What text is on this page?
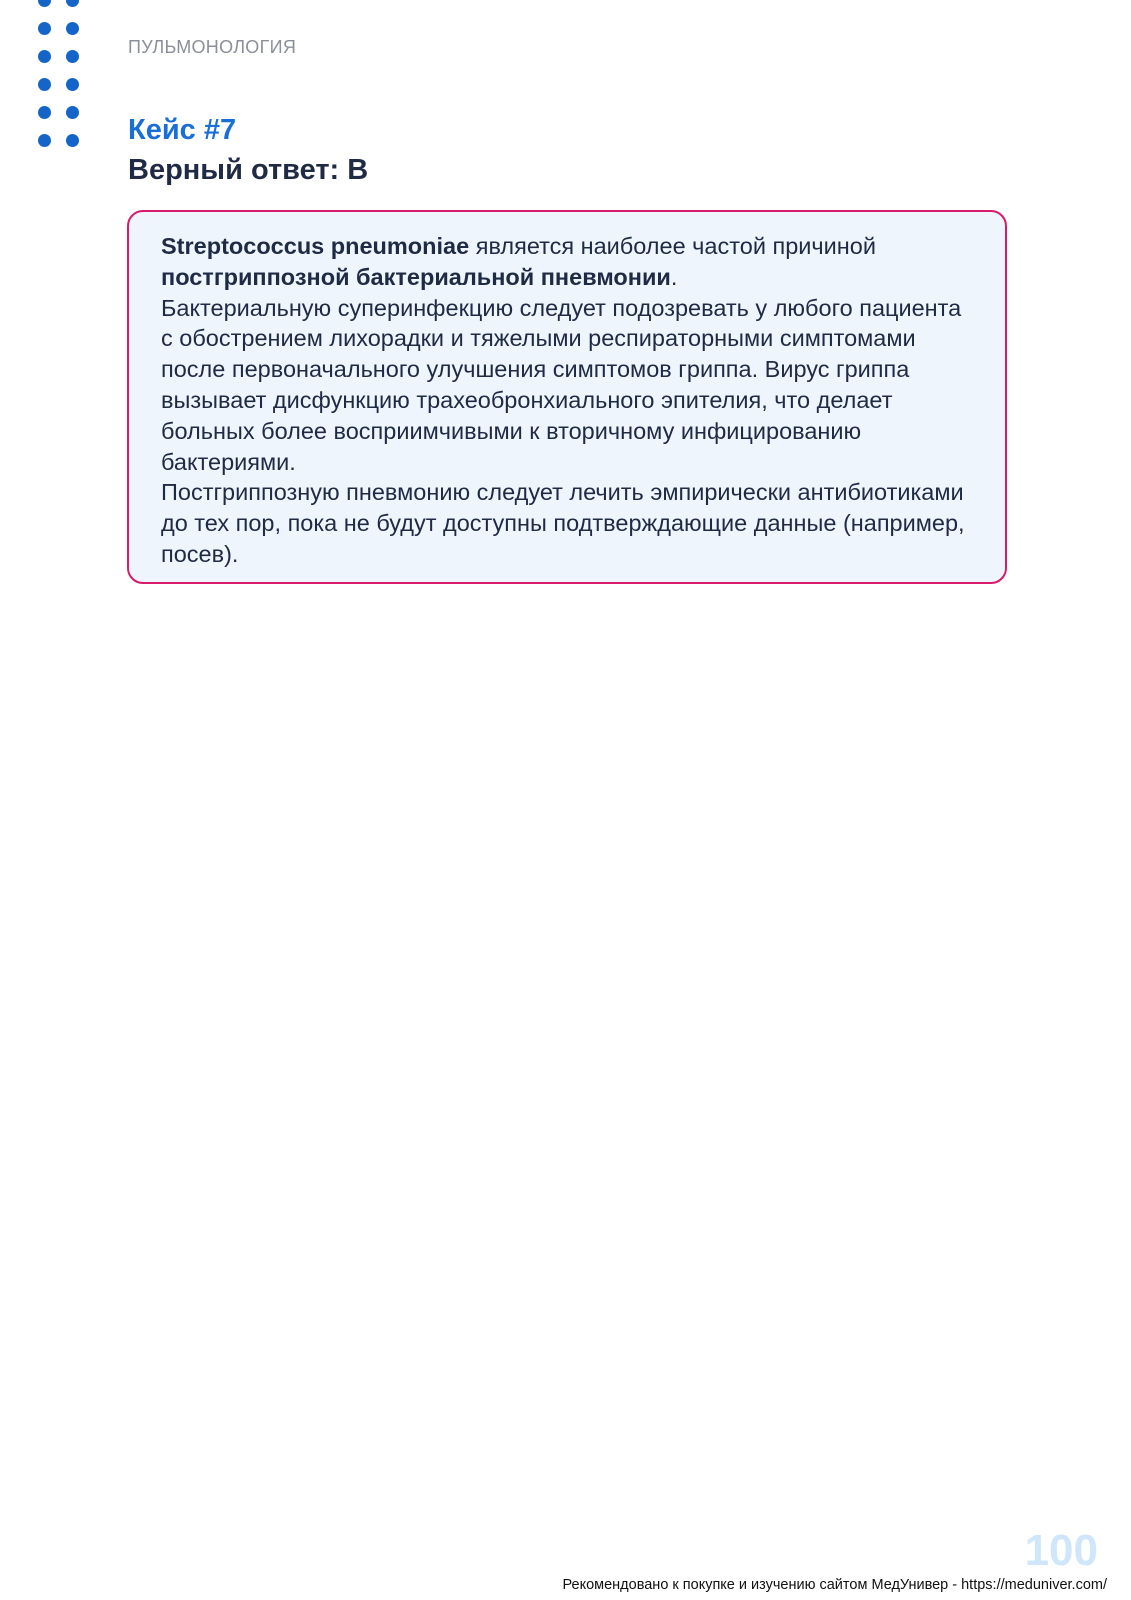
ПУЛЬМОНОЛОГИЯ
Кейс #7
Верный ответ: В

Streptococcus pneumoniae является наиболее частой причиной постгриппозной бактериальной пневмонии.

Бактериальную суперинфекцию следует подозревать у любого пациента с обострением лихорадки и тяжелыми респираторными симптомами после первоначального улучшения симптомов гриппа. Вирус гриппа вызывает дисфункцию трахеобронхиального эпителия, что делает больных более восприимчивыми к вторичному инфицированию бактериями.

Постгриппозную пневмонию следует лечить эмпирически антибиотиками до тех пор, пока не будут доступны подтверждающие данные (например, посев).

100
Рекомендовано к покупке и изучению сайтом МедУнивер - https://meduniver.com/
